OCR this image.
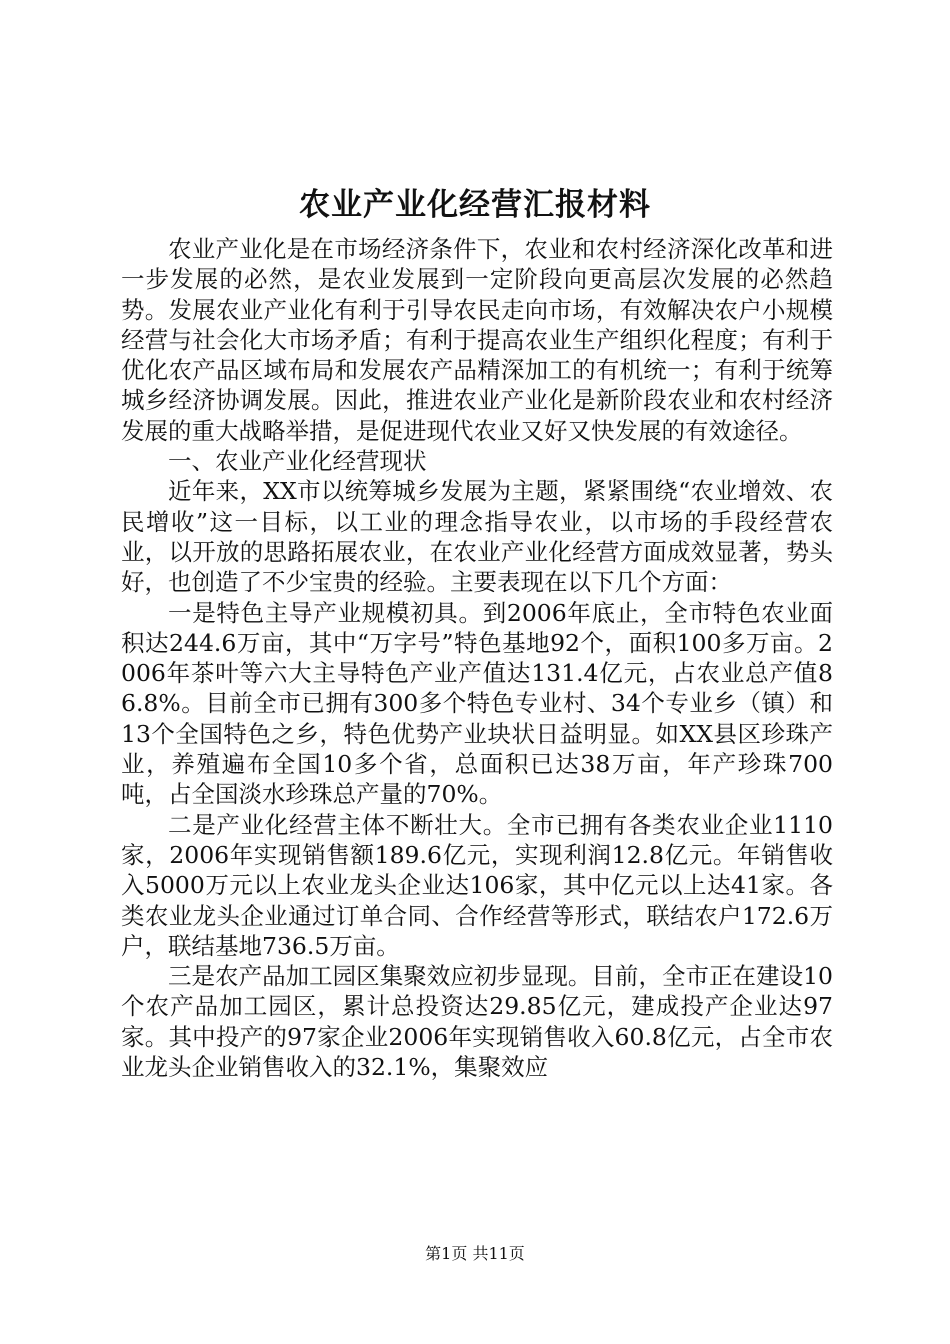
农业产业化经营汇报材料

农业产业化是在市场经济条件下，农业和农村经济深化改革和进一步发展的必然，是农业发展到一定阶段向更高层次发展的必然趋势。发展农业产业化有利于引导农民走向市场，有效解决农户小规模经营与社会化大市场矛盾；有利于提高农业生产组织化程度；有利于优化农产品区域布局和发展农产品精深加工的有机统一；有利于统筹城乡经济协调发展。因此，推进农业产业化是新阶段农业和农村经济发展的重大战略举措，是促进现代农业又好又快发展的有效途径。

一、农业产业化经营现状

近年来，XX市以统筹城乡发展为主题，紧紧围绕“农业增效、农民增收”这一目标，以工业的理念指导农业，以市场的手段经营农业，以开放的思路拓展农业，在农业产业化经营方面成效显著，势头好，也创造了不少宝贵的经验。主要表现在以下几个方面：

一是特色主导产业规模初具。到2006年底止，全市特色农业面积达244.6万亩，其中“万字号”特色基地92个，面积100多万亩。2006年茶叶等六大主导特色产业产值达131.4亿元，占农业总产值86.8%。目前全市已拥有300多个特色专业村、34个专业乡（镇）和13个全国特色之乡，特色优势产业块状日益明显。如XX县区珍珠产业，养殖遍布全国10多个省，总面积已达38万亩，年产珍珠700吨，占全国淡水珍珠总产量的70%。

二是产业化经营主体不断壮大。全市已拥有各类农业企业1110家，2006年实现销售额189.6亿元，实现利润12.8亿元。年销售收入5000万元以上农业龙头企业达106家，其中亿元以上达41家。各类农业龙头企业通过订单合同、合作经营等形式，联结农户172.6万户，联结基地736.5万亩。

三是农产品加工园区集聚效应初步显现。目前，全市正在建设10个农产品加工园区，累计总投资达29.85亿元，建成投产企业达97家。其中投产的97家企业2006年实现销售收入60.8亿元，占全市农业龙头企业销售收入的32.1%，集聚效应

第1页 共11页
